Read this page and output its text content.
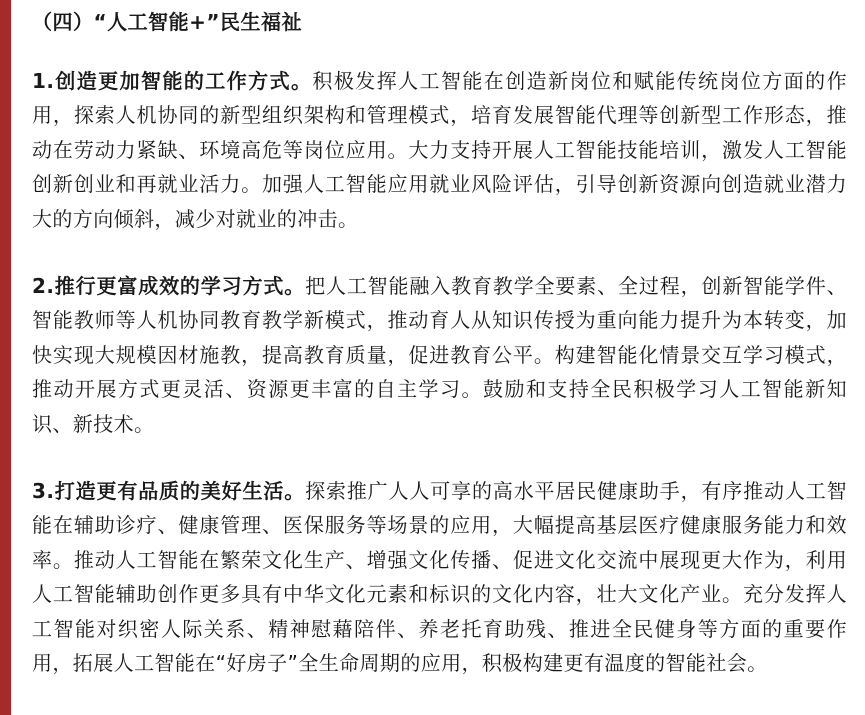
（四）“人工智能+”民生福祉

1.创造更加智能的工作方式。积极发挥人工智能在创造新岗位和赋能传统岗位方面的作用，探索人机协同的新型组织架构和管理模式，培育发展智能代理等创新型工作形态，推动在劳动力紧缺、环境高危等岗位应用。大力支持开展人工智能技能培训，激发人工智能创新创业和再就业活力。加强人工智能应用就业风险评估，引导创新资源向创造就业潜力大的方向倾斜，减少对就业的冲击。

2.推行更富成效的学习方式。把人工智能融入教育教学全要素、全过程，创新智能学件、智能教师等人机协同教育教学新模式，推动育人从知识传授为重向能力提升为本转变，加快实现大规模因材施教，提高教育质量，促进教育公平。构建智能化情景交互学习模式，推动开展方式更灵活、资源更丰富的自主学习。鼓励和支持全民积极学习人工智能新知识、新技术。

3.打造更有品质的美好生活。探索推广人人可享的高水平居民健康助手，有序推动人工智能在辅助诊疗、健康管理、医保服务等场景的应用，大幅提高基层医疗健康服务能力和效率。推动人工智能在繁荣文化生产、增强文化传播、促进文化交流中展现更大作为，利用人工智能辅助创作更多具有中华文化元素和标识的文化内容，壮大文化产业。充分发挥人工智能对织密人际关系、精神慰藉陪伴、养老托育助残、推进全民健身等方面的重要作用，拓展人工智能在“好房子”全生命周期的应用，积极构建更有温度的智能社会。
